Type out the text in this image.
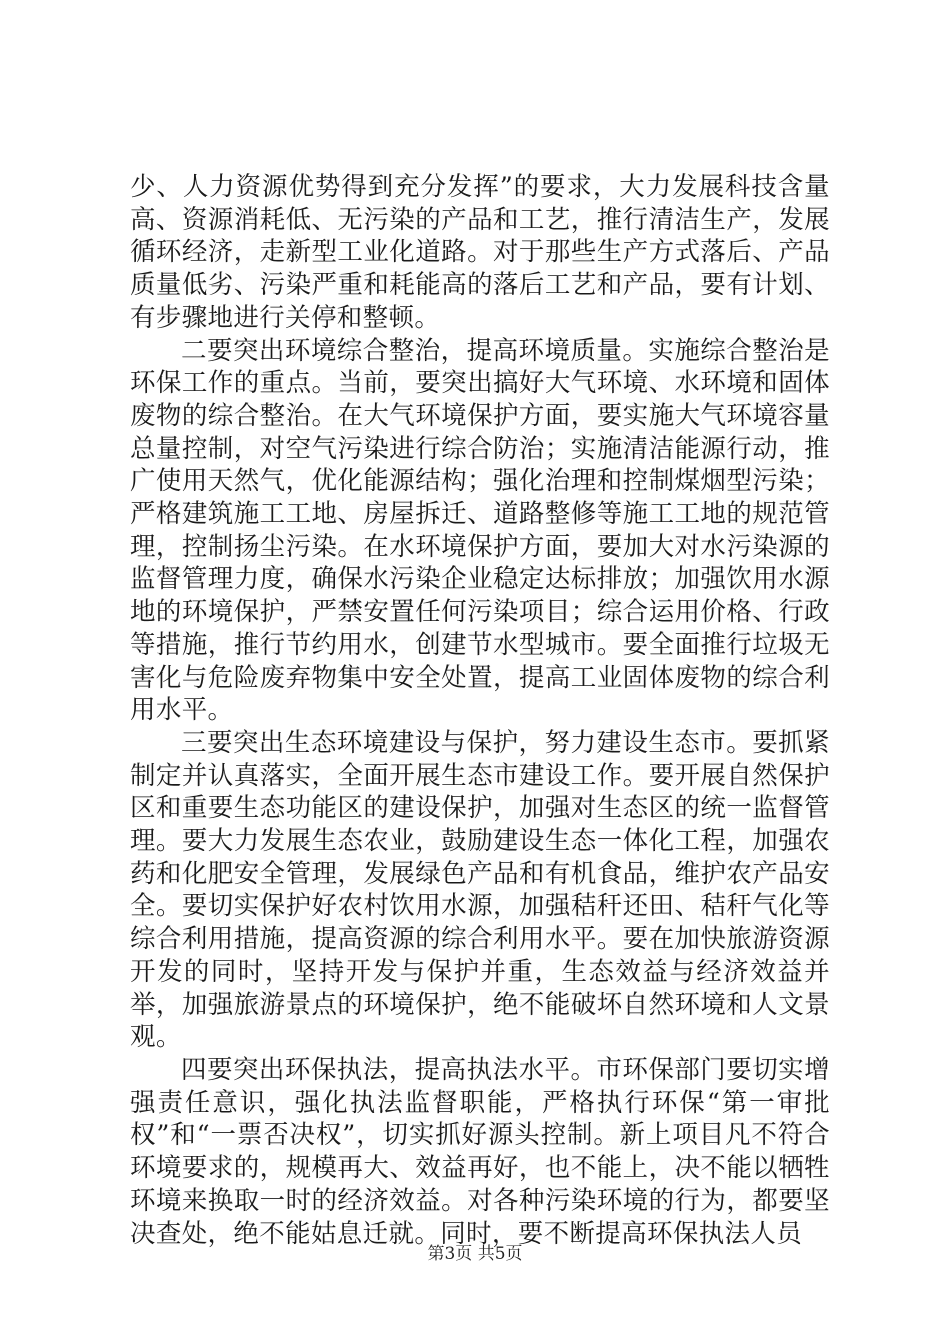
少、人力资源优势得到充分发挥”的要求，大力发展科技含量高、资源消耗低、无污染的产品和工艺，推行清洁生产，发展循环经济，走新型工业化道路。对于那些生产方式落后、产品质量低劣、污染严重和耗能高的落后工艺和产品，要有计划、有步骤地进行关停和整顿。

二要突出环境综合整治，提高环境质量。实施综合整治是环保工作的重点。当前，要突出搞好大气环境、水环境和固体废物的综合整治。在大气环境保护方面，要实施大气环境容量总量控制，对空气污染进行综合防治；实施清洁能源行动，推广使用天然气，优化能源结构；强化治理和控制煤烟型污染；严格建筑施工工地、房屋拆迁、道路整修等施工工地的规范管理，控制扬尘污染。在水环境保护方面，要加大对水污染源的监督管理力度，确保水污染企业稳定达标排放；加强饮用水源地的环境保护，严禁安置任何污染项目；综合运用价格、行政等措施，推行节约用水，创建节水型城市。要全面推行垃圾无害化与危险废弃物集中安全处置，提高工业固体废物的综合利用水平。

三要突出生态环境建设与保护，努力建设生态市。要抓紧制定并认真落实，全面开展生态市建设工作。要开展自然保护区和重要生态功能区的建设保护，加强对生态区的统一监督管理。要大力发展生态农业，鼓励建设生态一体化工程，加强农药和化肥安全管理，发展绿色产品和有机食品，维护农产品安全。要切实保护好农村饮用水源，加强秸秆还田、秸秆气化等综合利用措施，提高资源的综合利用水平。要在加快旅游资源开发的同时，坚持开发与保护并重，生态效益与经济效益并举，加强旅游景点的环境保护，绝不能破坏自然环境和人文景观。

四要突出环保执法，提高执法水平。市环保部门要切实增强责任意识，强化执法监督职能，严格执行环保“第一审批权”和“一票否决权”，切实抓好源头控制。新上项目凡不符合环境要求的，规模再大、效益再好，也不能上，决不能以牺牲环境来换取一时的经济效益。对各种污染环境的行为，都要坚决查处，绝不能姑息迁就。同时，要不断提高环保执法人员

第3页 共5页
